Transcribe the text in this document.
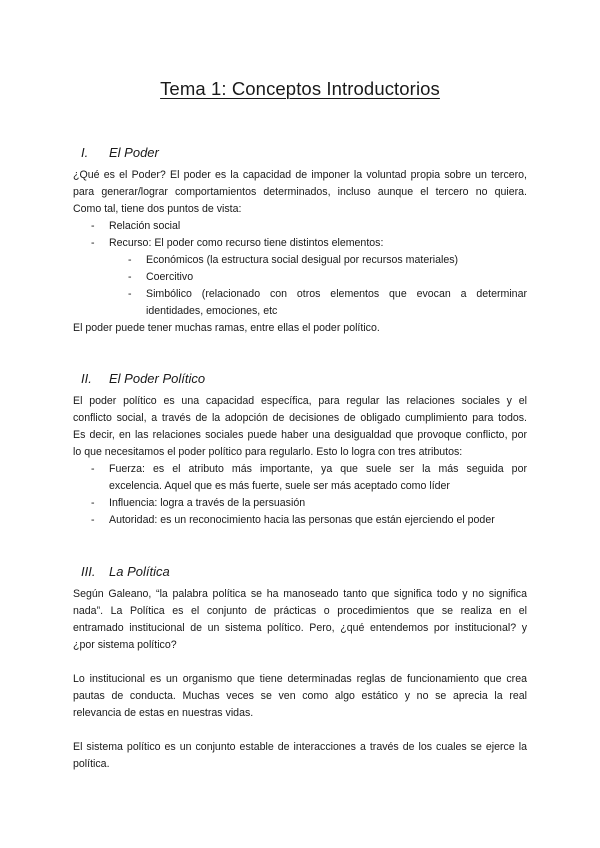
Tema 1: Conceptos Introductorios
I. El Poder
¿Qué es el Poder? El poder es la capacidad de imponer la voluntad propia sobre un tercero,
para generar/lograr comportamientos determinados, incluso aunque el tercero no quiera.
Como tal, tiene dos puntos de vista:
- Relación social
- Recurso: El poder como recurso tiene distintos elementos:
- Económicos (la estructura social desigual por recursos materiales)
- Coercitivo
- Simbólico (relacionado con otros elementos que evocan a determinar
identidades, emociones, etc
El poder puede tener muchas ramas, entre ellas el poder político.
II. El Poder Político
El poder político es una capacidad específica, para regular las relaciones sociales y el
conflicto social, a través de la adopción de decisiones de obligado cumplimiento para todos.
Es decir, en las relaciones sociales puede haber una desigualdad que provoque conflicto, por
lo que necesitamos el poder político para regularlo. Esto lo logra con tres atributos:
- Fuerza: es el atributo más importante, ya que suele ser la más seguida por
excelencia. Aquel que es más fuerte, suele ser más aceptado como líder
- Influencia: logra a través de la persuasión
- Autoridad: es un reconocimiento hacia las personas que están ejerciendo el poder
III. La Política
Según Galeano, “la palabra política se ha manoseado tanto que significa todo y no significa
nada”. La Política es el conjunto de prácticas o procedimientos que se realiza en el
entramado institucional de un sistema político. Pero, ¿qué entendemos por institucional? y
¿por sistema político?
Lo institucional es un organismo que tiene determinadas reglas de funcionamiento que crea
pautas de conducta. Muchas veces se ven como algo estático y no se aprecia la real
relevancia de estas en nuestras vidas.
El sistema político es un conjunto estable de interacciones a través de los cuales se ejerce la
política.
